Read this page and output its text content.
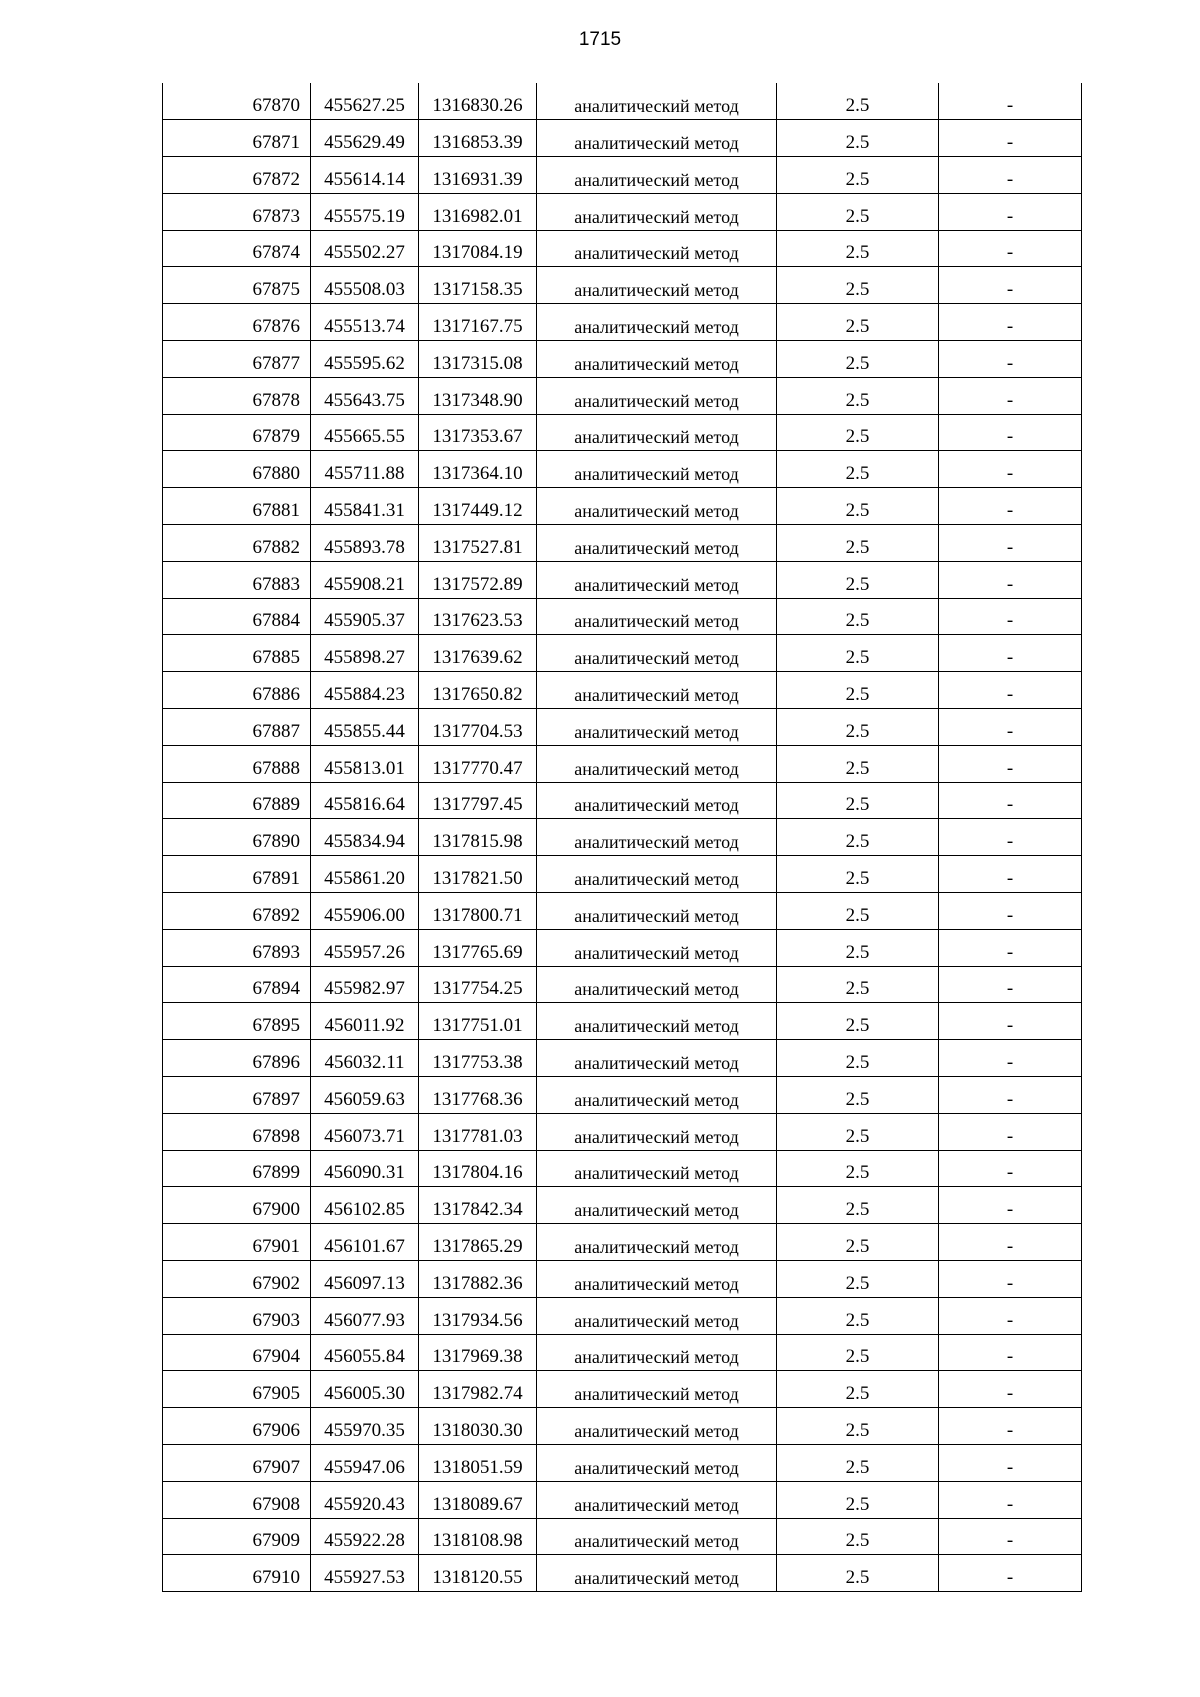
1715
67870	455627.25	1316830.26	аналитический метод	2.5	-
67871	455629.49	1316853.39	аналитический метод	2.5	-
67872	455614.14	1316931.39	аналитический метод	2.5	-
67873	455575.19	1316982.01	аналитический метод	2.5	-
67874	455502.27	1317084.19	аналитический метод	2.5	-
67875	455508.03	1317158.35	аналитический метод	2.5	-
67876	455513.74	1317167.75	аналитический метод	2.5	-
67877	455595.62	1317315.08	аналитический метод	2.5	-
67878	455643.75	1317348.90	аналитический метод	2.5	-
67879	455665.55	1317353.67	аналитический метод	2.5	-
67880	455711.88	1317364.10	аналитический метод	2.5	-
67881	455841.31	1317449.12	аналитический метод	2.5	-
67882	455893.78	1317527.81	аналитический метод	2.5	-
67883	455908.21	1317572.89	аналитический метод	2.5	-
67884	455905.37	1317623.53	аналитический метод	2.5	-
67885	455898.27	1317639.62	аналитический метод	2.5	-
67886	455884.23	1317650.82	аналитический метод	2.5	-
67887	455855.44	1317704.53	аналитический метод	2.5	-
67888	455813.01	1317770.47	аналитический метод	2.5	-
67889	455816.64	1317797.45	аналитический метод	2.5	-
67890	455834.94	1317815.98	аналитический метод	2.5	-
67891	455861.20	1317821.50	аналитический метод	2.5	-
67892	455906.00	1317800.71	аналитический метод	2.5	-
67893	455957.26	1317765.69	аналитический метод	2.5	-
67894	455982.97	1317754.25	аналитический метод	2.5	-
67895	456011.92	1317751.01	аналитический метод	2.5	-
67896	456032.11	1317753.38	аналитический метод	2.5	-
67897	456059.63	1317768.36	аналитический метод	2.5	-
67898	456073.71	1317781.03	аналитический метод	2.5	-
67899	456090.31	1317804.16	аналитический метод	2.5	-
67900	456102.85	1317842.34	аналитический метод	2.5	-
67901	456101.67	1317865.29	аналитический метод	2.5	-
67902	456097.13	1317882.36	аналитический метод	2.5	-
67903	456077.93	1317934.56	аналитический метод	2.5	-
67904	456055.84	1317969.38	аналитический метод	2.5	-
67905	456005.30	1317982.74	аналитический метод	2.5	-
67906	455970.35	1318030.30	аналитический метод	2.5	-
67907	455947.06	1318051.59	аналитический метод	2.5	-
67908	455920.43	1318089.67	аналитический метод	2.5	-
67909	455922.28	1318108.98	аналитический метод	2.5	-
67910	455927.53	1318120.55	аналитический метод	2.5	-
